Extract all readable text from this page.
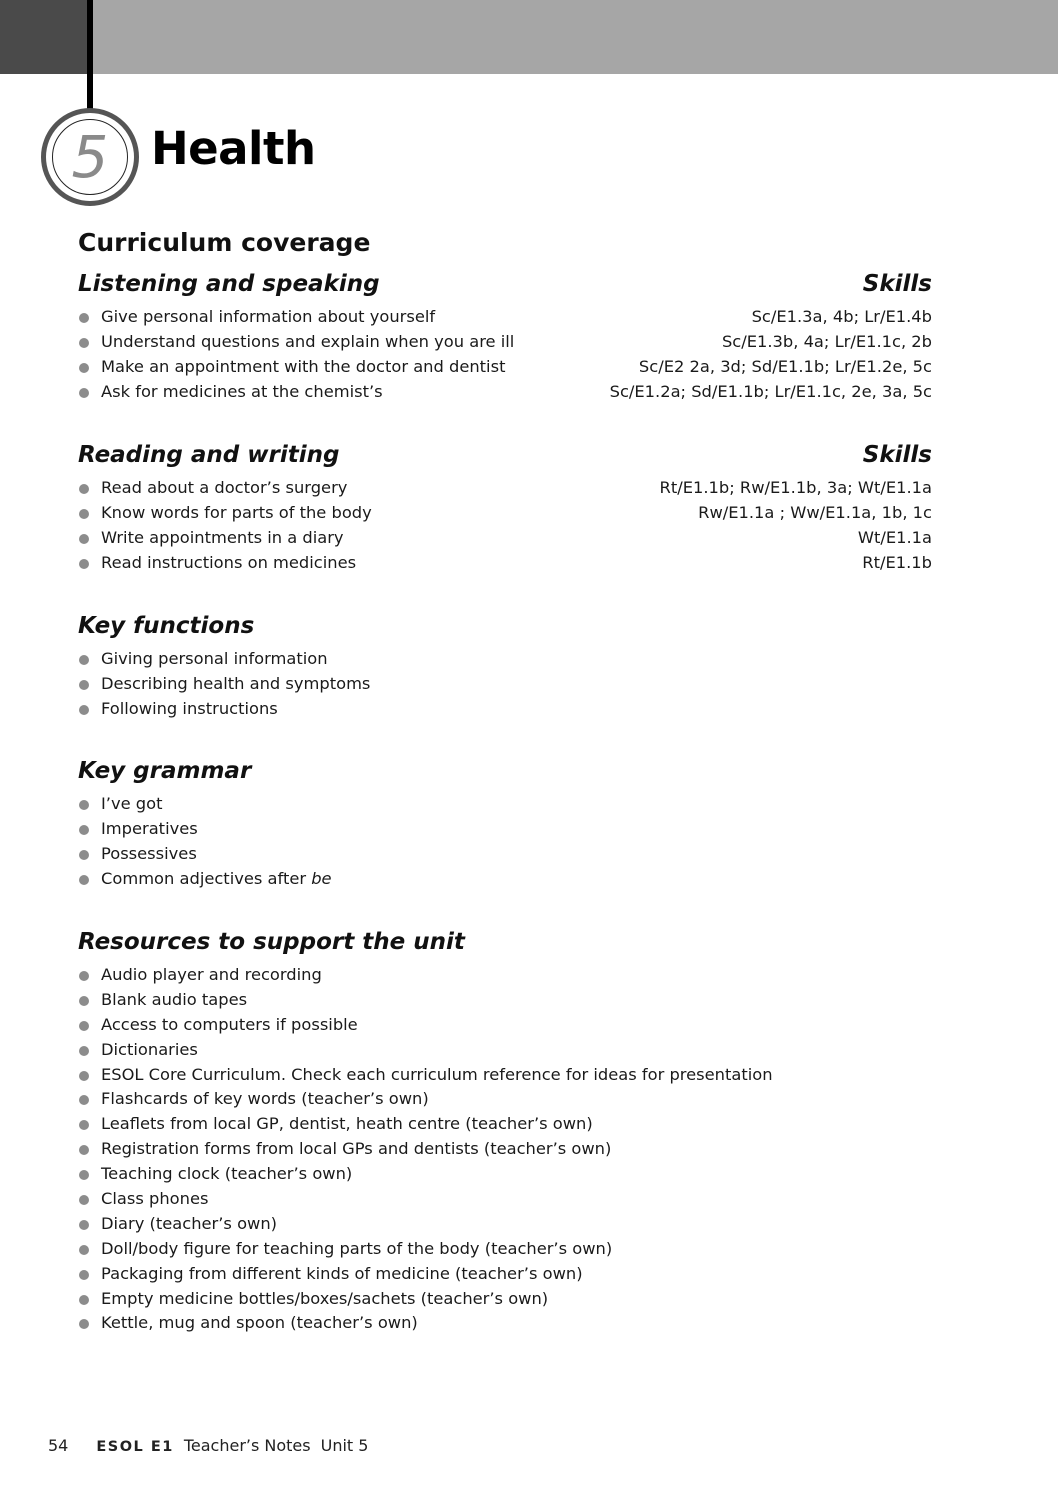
5 Health
Curriculum coverage
Listening and speaking	Skills
Give personal information about yourself	Sc/E1.3a, 4b; Lr/E1.4b
Understand questions and explain when you are ill	Sc/E1.3b, 4a; Lr/E1.1c, 2b
Make an appointment with the doctor and dentist	Sc/E2 2a, 3d; Sd/E1.1b; Lr/E1.2e, 5c
Ask for medicines at the chemist’s	Sc/E1.2a; Sd/E1.1b; Lr/E1.1c, 2e, 3a, 5c
Reading and writing	Skills
Read about a doctor’s surgery	Rt/E1.1b; Rw/E1.1b, 3a; Wt/E1.1a
Know words for parts of the body	Rw/E1.1a ; Ww/E1.1a, 1b, 1c
Write appointments in a diary	Wt/E1.1a
Read instructions on medicines	Rt/E1.1b
Key functions
Giving personal information
Describing health and symptoms
Following instructions
Key grammar
I’ve got
Imperatives
Possessives
Common adjectives after be
Resources to support the unit
Audio player and recording
Blank audio tapes
Access to computers if possible
Dictionaries
ESOL Core Curriculum. Check each curriculum reference for ideas for presentation
Flashcards of key words (teacher’s own)
Leaflets from local GP, dentist, heath centre (teacher’s own)
Registration forms from local GPs and dentists (teacher’s own)
Teaching clock (teacher’s own)
Class phones
Diary (teacher’s own)
Doll/body figure for teaching parts of the body (teacher’s own)
Packaging from different kinds of medicine (teacher’s own)
Empty medicine bottles/boxes/sachets (teacher’s own)
Kettle, mug and spoon (teacher’s own)
54 ESOL E1 Teacher’s Notes Unit 5
